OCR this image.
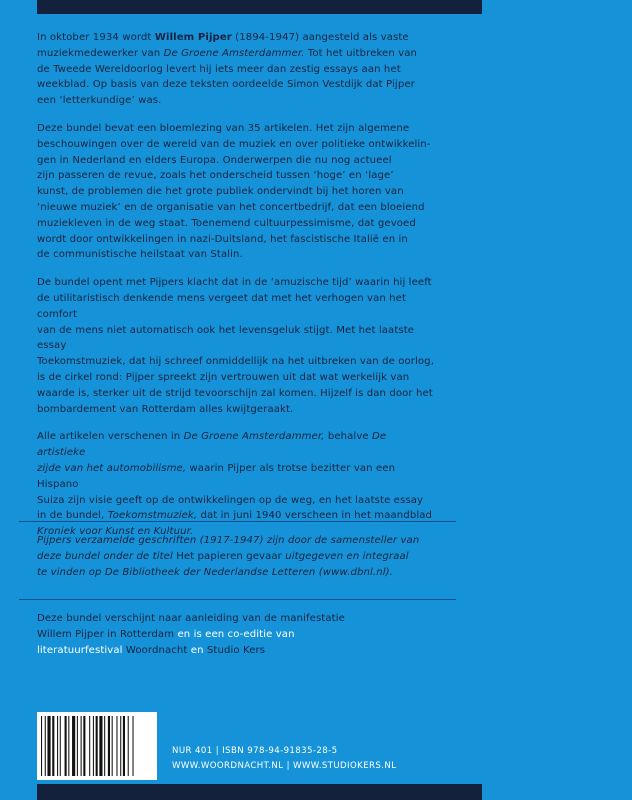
In oktober 1934 wordt Willem Pijper (1894-1947) aangesteld als vaste
muziekmedewerker van De Groene Amsterdammer. Tot het uitbreken van
de Tweede Wereldoorlog levert hij iets meer dan zestig essays aan het
weekblad. Op basis van deze teksten oordeelde Simon Vestdijk dat Pijper
een ‘letterkundige’ was.

Deze bundel bevat een bloemlezing van 35 artikelen. Het zijn algemene
beschouwingen over de wereld van de muziek en over politieke ontwikkelin-
gen in Nederland en elders Europa. Onderwerpen die nu nog actueel
zijn passeren de revue, zoals het onderscheid tussen ‘hoge’ en ‘lage’
kunst, de problemen die het grote publiek ondervindt bij het horen van
‘nieuwe muziek’ en de organisatie van het concertbedrijf, dat een bloeiend
muziekleven in de weg staat. Toenemend cultuurpessimisme, dat gevoed
wordt door ontwikkelingen in nazi-Duitsland, het fascistische Italië en in
de communistische heilstaat van Stalin.

De bundel opent met Pijpers klacht dat in de ‘amuzische tijd’ waarin hij leeft
de utilitaristisch denkende mens vergeet dat met het verhogen van het comfort
van de mens niet automatisch ook het levensgeluk stijgt. Met het laatste essay
Toekomstmuziek, dat hij schreef onmiddellijk na het uitbreken van de oorlog,
is de cirkel rond: Pijper spreekt zijn vertrouwen uit dat wat werkelijk van
waarde is, sterker uit de strijd tevoorschijn zal komen. Hijzelf is dan door het
bombardement van Rotterdam alles kwijtgeraakt.

Alle artikelen verschenen in De Groene Amsterdammer, behalve De artistieke
zijde van het automobilisme, waarin Pijper als trotse bezitter van een Hispano
Suiza zijn visie geeft op de ontwikkelingen op de weg, en het laatste essay
in de bundel, Toekomstmuziek, dat in juni 1940 verscheen in het maandblad
Kroniek voor Kunst en Kultuur.

Pijpers verzamelde geschriften (1917-1947) zijn door de samensteller van
deze bundel onder de titel Het papieren gevaar uitgegeven en integraal
te vinden op De Bibliotheek der Nederlandse Letteren (www.dbnl.nl).

Deze bundel verschijnt naar aanleiding van de manifestatie
Willem Pijper in Rotterdam en is een co-editie van
literatuurfestival Woordnacht en Studio Kers

NUR 401 | ISBN 978-94-91835-28-5
WWW.WOORDNACHT.NL | WWW.STUDIOKERS.NL
